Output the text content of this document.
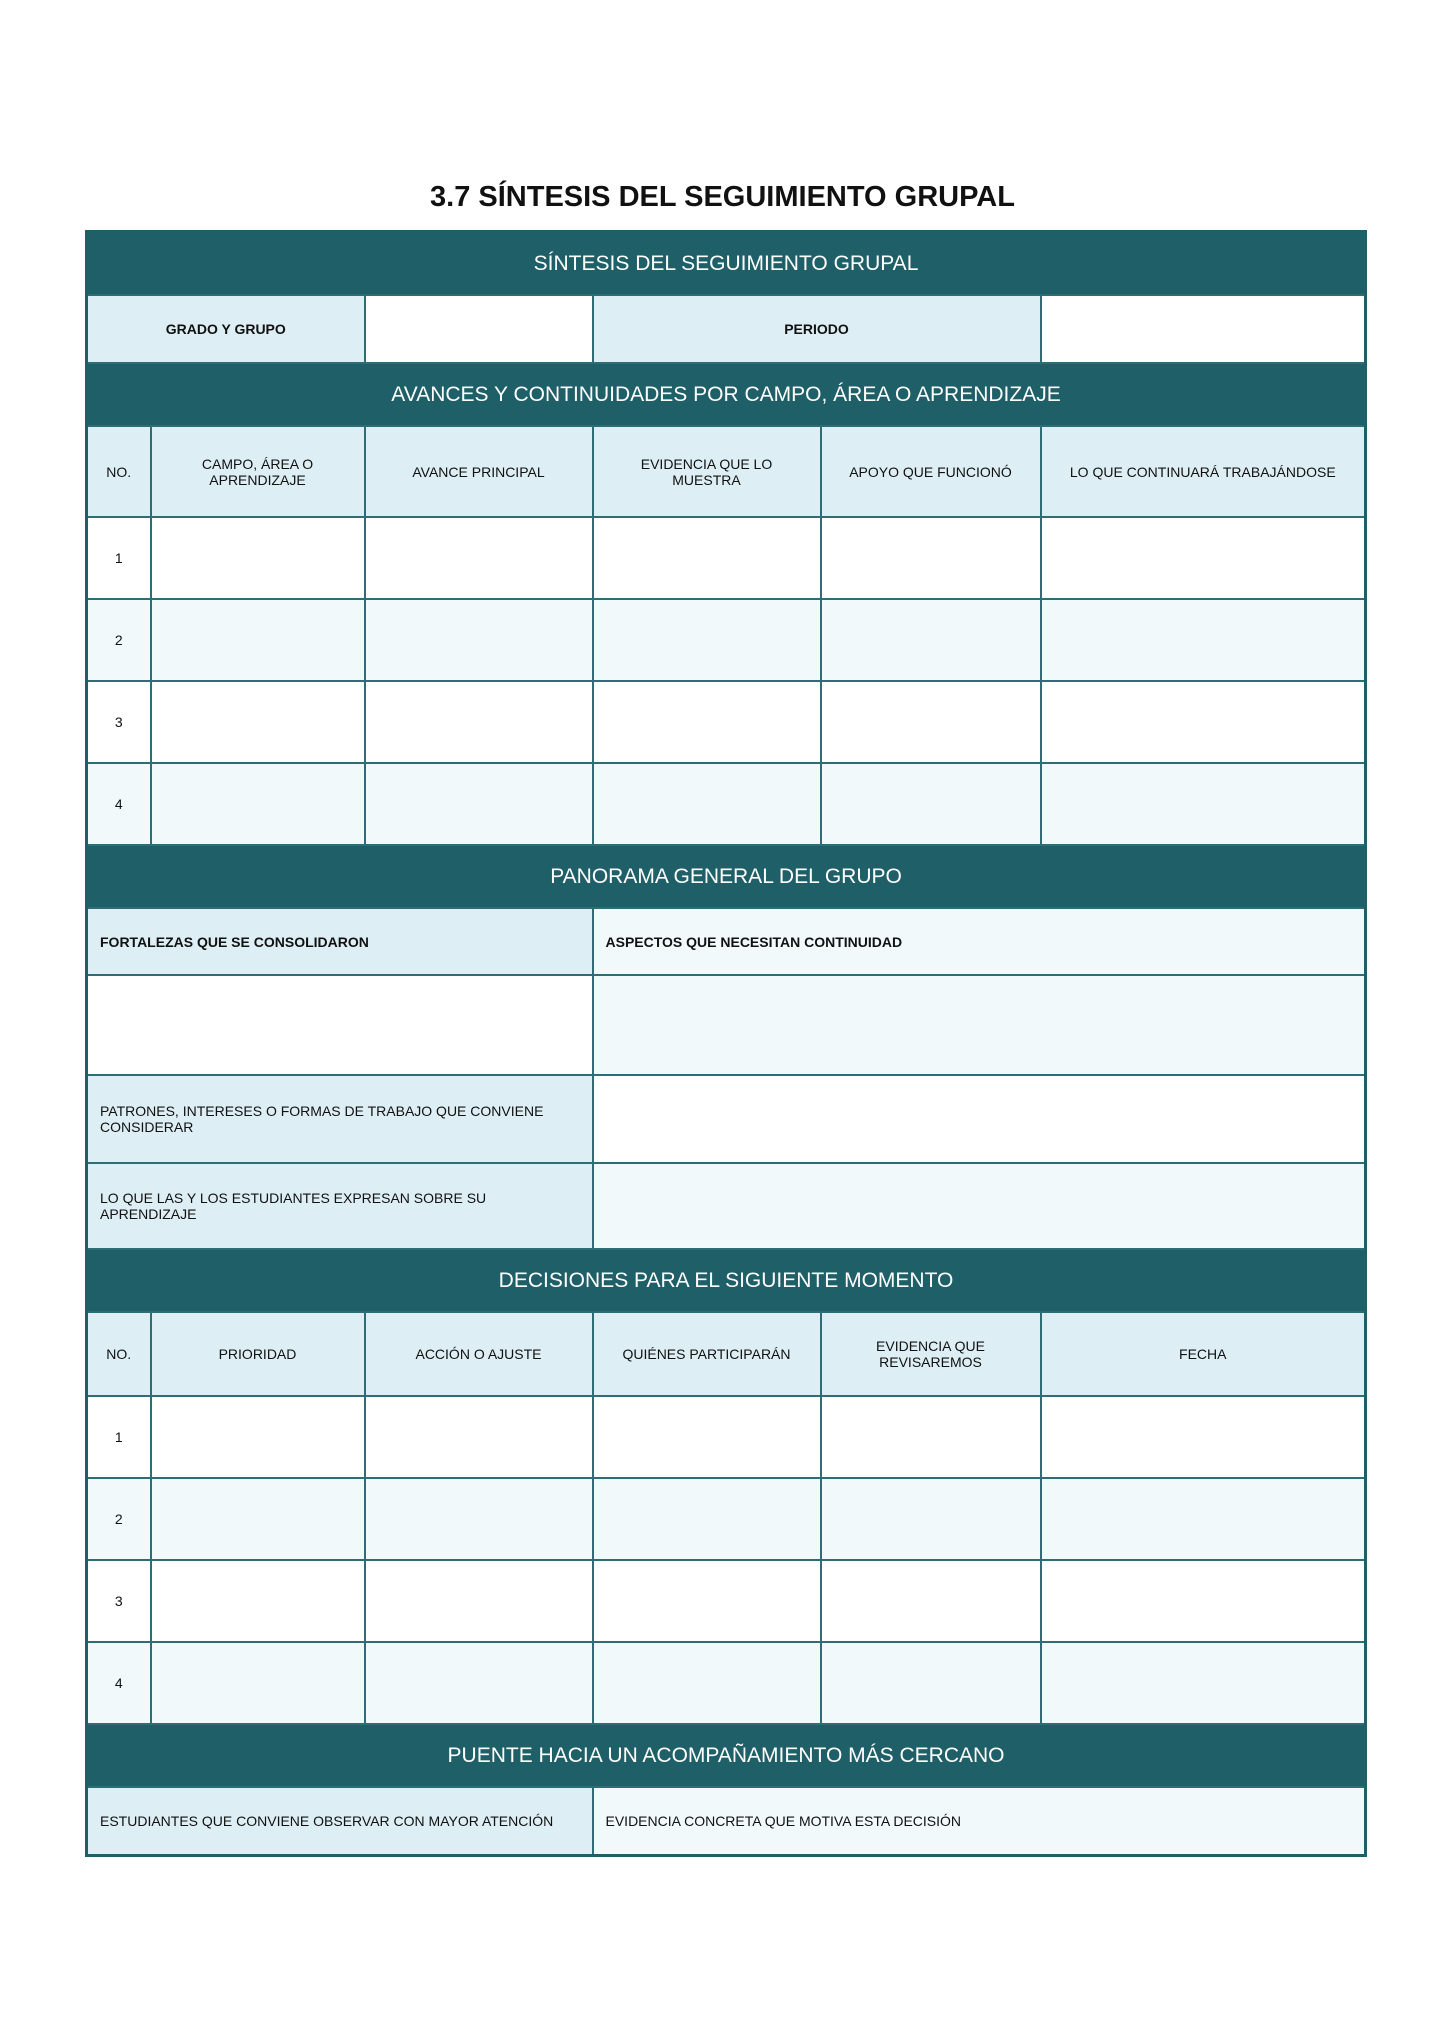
3.7 SÍNTESIS DEL SEGUIMIENTO GRUPAL
SÍNTESIS DEL SEGUIMIENTO GRUPAL					
GRADO Y GRUPO			PERIODO		
AVANCES Y CONTINUIDADES POR CAMPO, ÁREA O APRENDIZAJE					
NO.	CAMPO, ÁREA O APRENDIZAJE	AVANCE PRINCIPAL	EVIDENCIA QUE LO MUESTRA	APOYO QUE FUNCIONÓ	LO QUE CONTINUARÁ TRABAJÁNDOSE
1					
2					
3					
4					
PANORAMA GENERAL DEL GRUPO					
FORTALEZAS QUE SE CONSOLIDARON			ASPECTOS QUE NECESITAN CONTINUIDAD		

PATRONES, INTERESES O FORMAS DE TRABAJO QUE CONVIENE CONSIDERAR					
LO QUE LAS Y LOS ESTUDIANTES EXPRESAN SOBRE SU APRENDIZAJE					
DECISIONES PARA EL SIGUIENTE MOMENTO					
NO.	PRIORIDAD	ACCIÓN O AJUSTE	QUIÉNES PARTICIPARÁN	EVIDENCIA QUE REVISAREMOS	FECHA
1					
2					
3					
4					
PUENTE HACIA UN ACOMPAÑAMIENTO MÁS CERCANO					
ESTUDIANTES QUE CONVIENE OBSERVAR CON MAYOR ATENCIÓN			EVIDENCIA CONCRETA QUE MOTIVA ESTA DECISIÓN		
